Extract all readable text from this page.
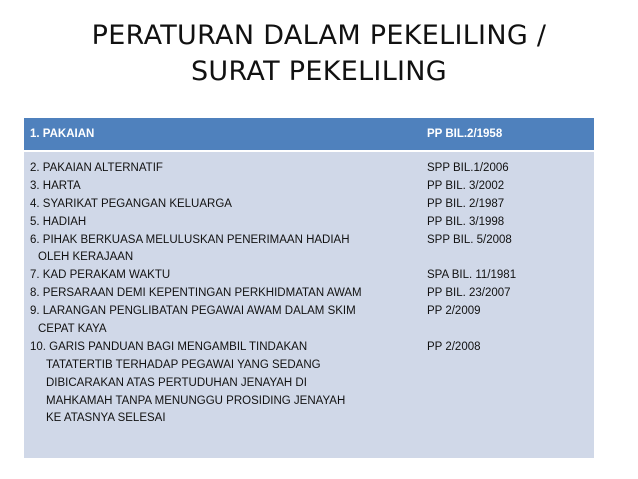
PERATURAN DALAM PEKELILING /
SURAT PEKELILING
1. PAKAIAN	PP BIL.2/1958
2. PAKAIAN ALTERNATIF
3. HARTA
4. SYARIKAT PEGANGAN KELUARGA
5. HADIAH
6. PIHAK BERKUASA MELULUSKAN PENERIMAAN HADIAH
OLEH KERAJAAN
7. KAD PERAKAM WAKTU
8. PERSARAAN DEMI KEPENTINGAN PERKHIDMATAN AWAM
9. LARANGAN PENGLIBATAN PEGAWAI AWAM DALAM SKIM
CEPAT KAYA
10. GARIS PANDUAN BAGI MENGAMBIL TINDAKAN
TATATERTIB TERHADAP PEGAWAI YANG SEDANG
DIBICARAKAN ATAS PERTUDUHAN JENAYAH DI
MAHKAMAH TANPA MENUNGGU PROSIDING JENAYAH
KE ATASNYA SELESAI
SPP BIL.1/2006
PP BIL. 3/2002
PP BIL. 2/1987
PP BIL. 3/1998
SPP BIL. 5/2008
SPA BIL. 11/1981
PP BIL. 23/2007
PP 2/2009
PP 2/2008
